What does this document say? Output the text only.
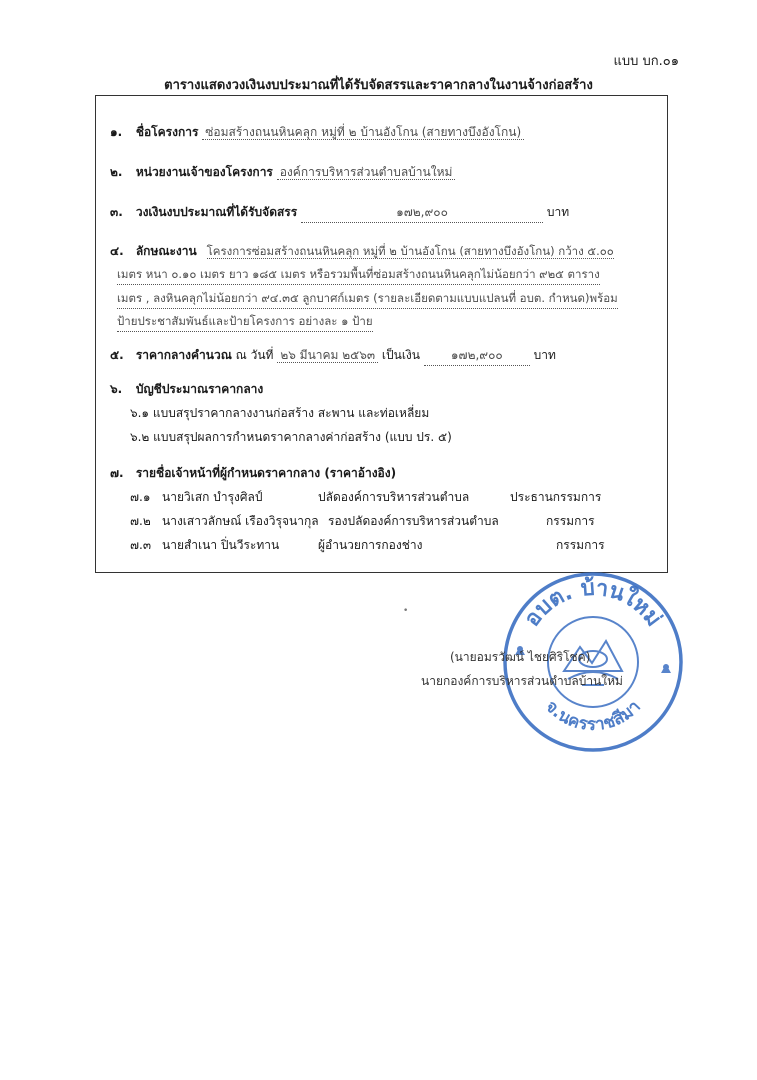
แบบ บก.๐๑
ตารางแสดงวงเงินงบประมาณที่ได้รับจัดสรรและราคากลางในงานจ้างก่อสร้าง
๑. ชื่อโครงการ ซ่อมสร้างถนนหินคลุก หมู่ที่ ๒ บ้านอังโกน (สายทางบึงอังโกน)
๒. หน่วยงานเจ้าของโครงการ องค์การบริหารส่วนตำบลบ้านใหม่
๓. วงเงินงบประมาณที่ได้รับจัดสรร	๑๗๒,๙๐๐	บาท
๔. ลักษณะงาน โครงการซ่อมสร้างถนนหินคลุก หมู่ที่ ๒ บ้านอังโกน (สายทางบึงอังโกน) กว้าง ๕.๐๐
เมตร หนา ๐.๑๐ เมตร ยาว ๑๘๕ เมตร หรือรวมพื้นที่ซ่อมสร้างถนนหินคลุกไม่น้อยกว่า ๙๒๕ ตาราง
เมตร , ลงหินคลุกไม่น้อยกว่า ๙๔.๓๕ ลูกบาศก์เมตร (รายละเอียดตามแบบแปลนที่ อบต. กำหนด)พร้อม
ป้ายประชาสัมพันธ์และป้ายโครงการ อย่างละ ๑ ป้าย
๕. ราคากลางคำนวณ ณ วันที่ ๒๖ มีนาคม ๒๕๖๓ เป็นเงิน	๑๗๒,๙๐๐	บาท
๖. บัญชีประมาณราคากลาง
๖.๑ แบบสรุปราคากลางงานก่อสร้าง สะพาน และท่อเหลี่ยม
๖.๒ แบบสรุปผลการกำหนดราคากลางค่าก่อสร้าง (แบบ ปร. ๕)
๗. รายชื่อเจ้าหน้าที่ผู้กำหนดราคากลาง (ราคาอ้างอิง)
๗.๑ นายวิเสก บำรุงศิลป์	ปลัดองค์การบริหารส่วนตำบล	ประธานกรรมการ
๗.๒ นางเสาวลักษณ์ เรืองวิรุจนากุล รองปลัดองค์การบริหารส่วนตำบล	กรรมการ
๗.๓ นายสำเนา ปิ่นวีระทาน	ผู้อำนวยการกองช่าง	กรรมการ
•	อบต. บ้านใหม่
จ.นครราชสีมา
(นายอมรวัฒน์ ไชยศิริโชค)
นายกองค์การบริหารส่วนตำบลบ้านใหม่
